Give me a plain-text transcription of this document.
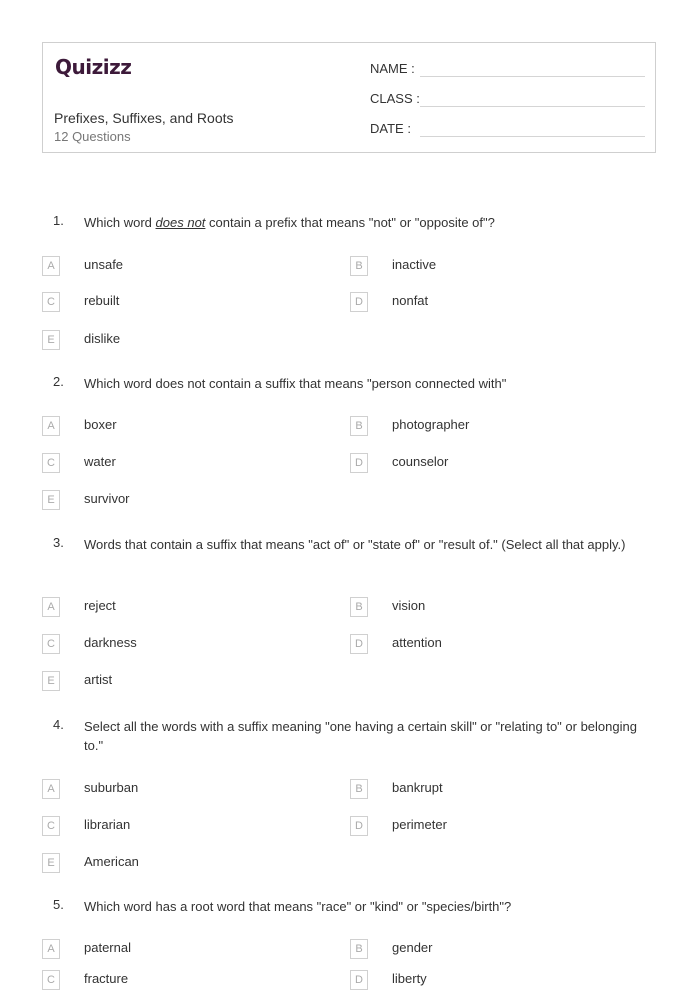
Quizizz
Prefixes, Suffixes, and Roots
12 Questions
NAME :
CLASS :
DATE :
1. Which word does not contain a prefix that means "not" or "opposite of"?
A	unsafe	B	inactive
C	rebuilt	D	nonfat
E	dislike
2. Which word does not contain a suffix that means "person connected with"
A	boxer	B	photographer
C	water	D	counselor
E	survivor
3. Words that contain a suffix that means "act of" or "state of" or "result of." (Select all that apply.)
A	reject	B	vision
C	darkness	D	attention
E	artist
4. Select all the words with a suffix meaning "one having a certain skill" or "relating to" or belonging to."
A	suburban	B	bankrupt
C	librarian	D	perimeter
E	American
5. Which word has a root word that means "race" or "kind" or "species/birth"?
A	paternal	B	gender
C	fracture	D	liberty
